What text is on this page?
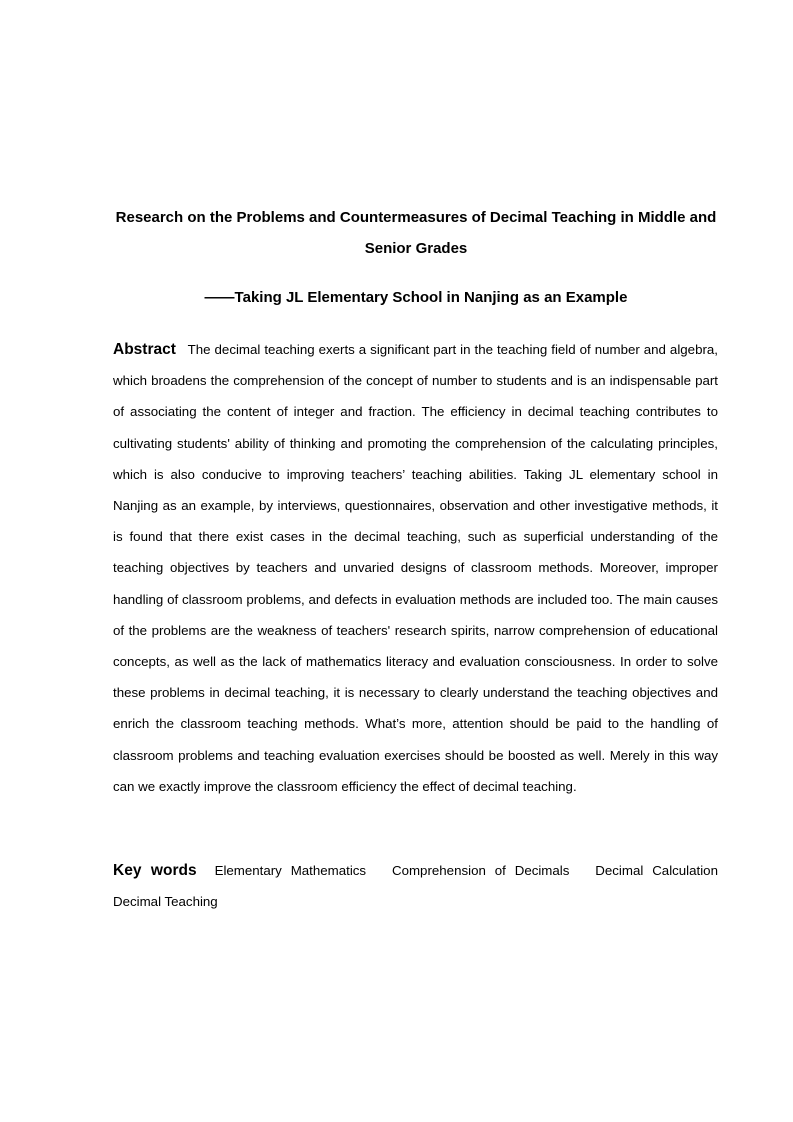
Research on the Problems and Countermeasures of Decimal Teaching in Middle and Senior Grades
——Taking JL Elementary School in Nanjing as an Example

Abstract The decimal teaching exerts a significant part in the teaching field of number and algebra, which broadens the comprehension of the concept of number to students and is an indispensable part of associating the content of integer and fraction. The efficiency in decimal teaching contributes to cultivating students' ability of thinking and promoting the comprehension of the calculating principles, which is also conducive to improving teachers’ teaching abilities. Taking JL elementary school in Nanjing as an example, by interviews, questionnaires, observation and other investigative methods, it is found that there exist cases in the decimal teaching, such as superficial understanding of the teaching objectives by teachers and unvaried designs of classroom methods. Moreover, improper handling of classroom problems, and defects in evaluation methods are included too. The main causes of the problems are the weakness of teachers' research spirits, narrow comprehension of educational concepts, as well as the lack of mathematics literacy and evaluation consciousness. In order to solve these problems in decimal teaching, it is necessary to clearly understand the teaching objectives and enrich the classroom teaching methods. What’s more, attention should be paid to the handling of classroom problems and teaching evaluation exercises should be boosted as well. Merely in this way can we exactly improve the classroom efficiency the effect of decimal teaching.

Key words Elementary Mathematics Comprehension of Decimals Decimal Calculation Decimal Teaching
